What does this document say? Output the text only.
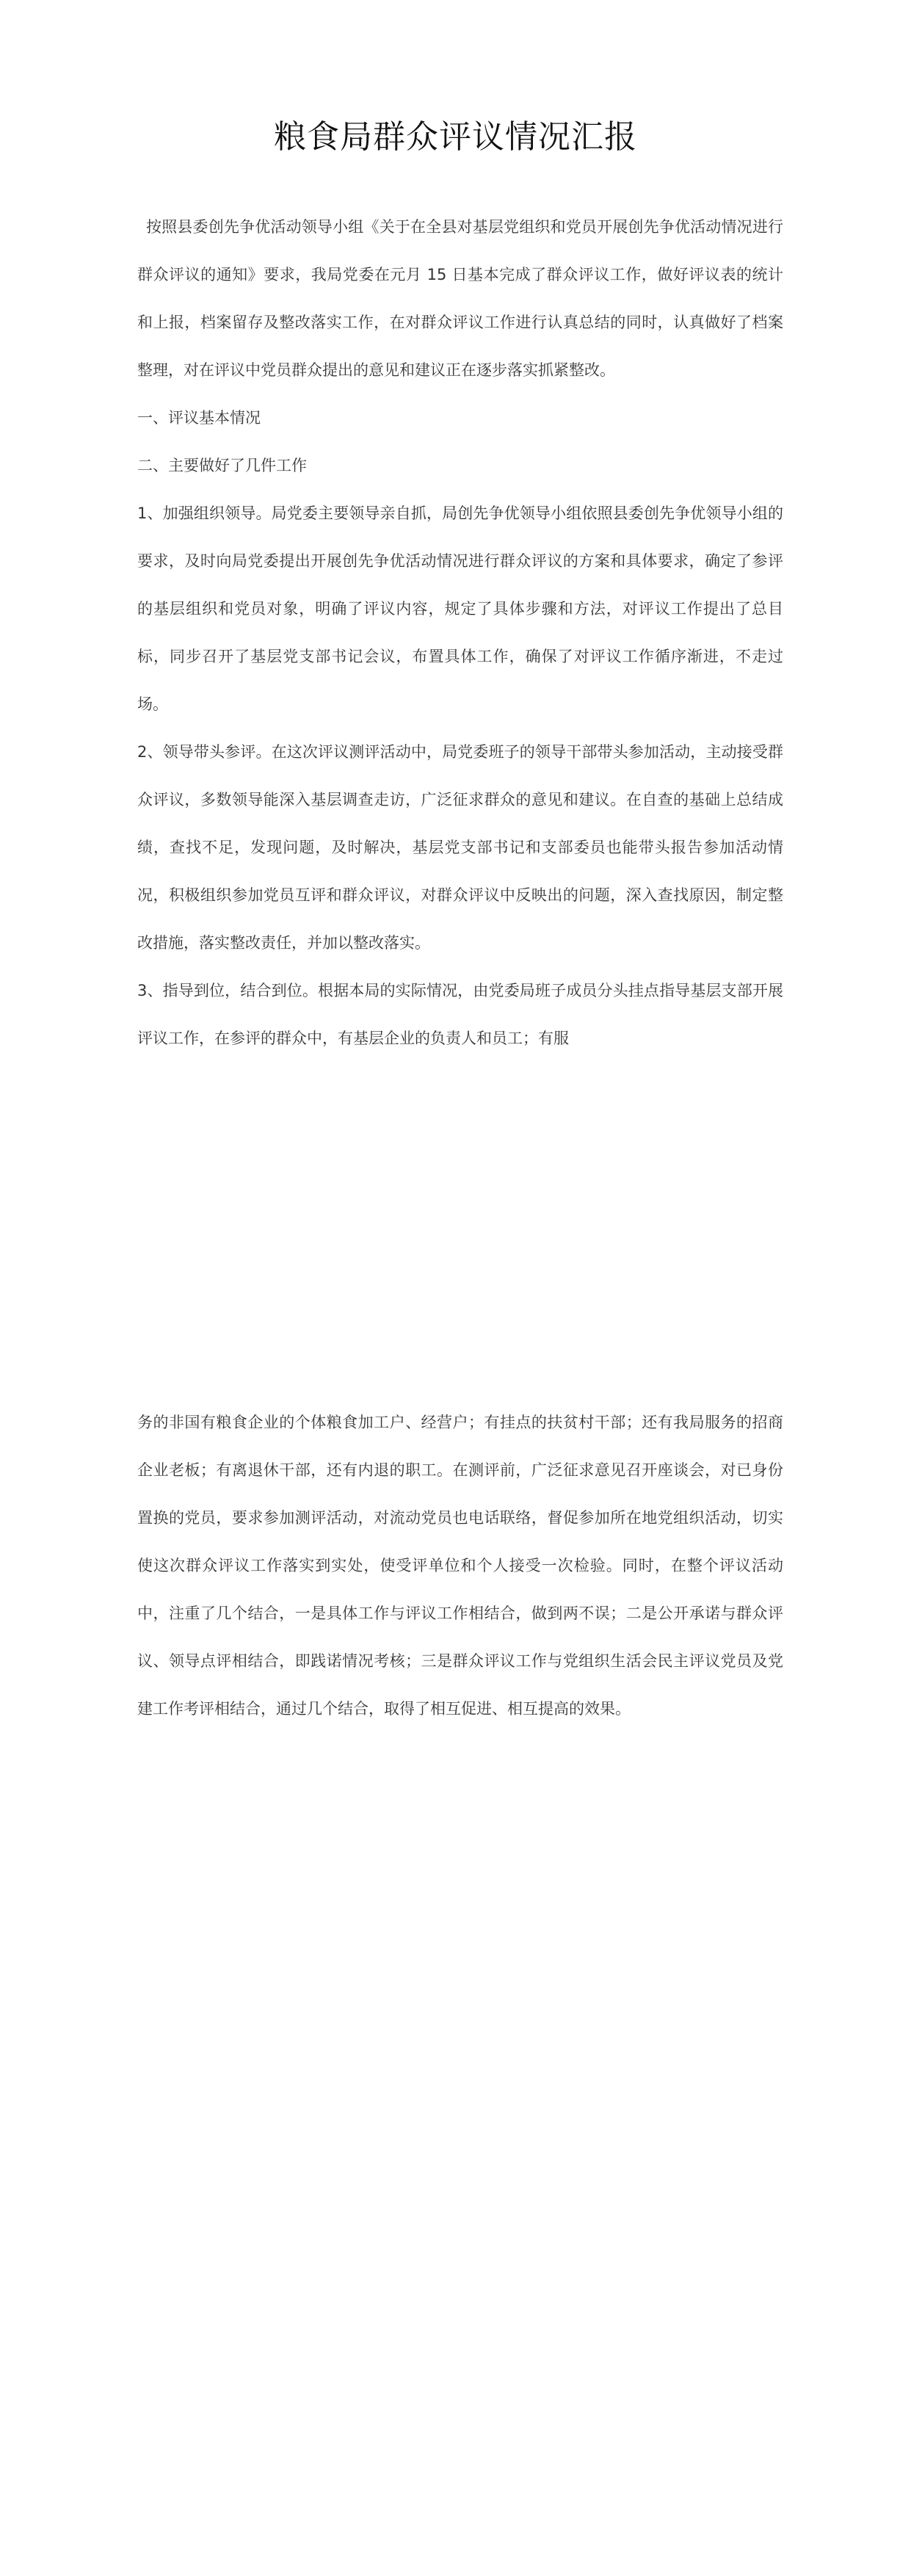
粮食局群众评议情况汇报

按照县委创先争优活动领导小组《关于在全县对基层党组织和党员开展创先争优活动情况进行群众评议的通知》要求，我局党委在元月 15 日基本完成了群众评议工作，做好评议表的统计和上报，档案留存及整改落实工作，在对群众评议工作进行认真总结的同时，认真做好了档案整理，对在评议中党员群众提出的意见和建议正在逐步落实抓紧整改。

一、评议基本情况

二、主要做好了几件工作

1、加强组织领导。局党委主要领导亲自抓，局创先争优领导小组依照县委创先争优领导小组的要求，及时向局党委提出开展创先争优活动情况进行群众评议的方案和具体要求，确定了参评的基层组织和党员对象，明确了评议内容，规定了具体步骤和方法，对评议工作提出了总目标，同步召开了基层党支部书记会议，布置具体工作，确保了对评议工作循序渐进，不走过场。

2、领导带头参评。在这次评议测评活动中，局党委班子的领导干部带头参加活动，主动接受群众评议，多数领导能深入基层调查走访，广泛征求群众的意见和建议。在自查的基础上总结成绩，查找不足，发现问题，及时解决，基层党支部书记和支部委员也能带头报告参加活动情况，积极组织参加党员互评和群众评议，对群众评议中反映出的问题，深入查找原因，制定整改措施，落实整改责任，并加以整改落实。

3、指导到位，结合到位。根据本局的实际情况，由党委局班子成员分头挂点指导基层支部开展评议工作，在参评的群众中，有基层企业的负责人和员工；有服

务的非国有粮食企业的个体粮食加工户、经营户；有挂点的扶贫村干部；还有我局服务的招商企业老板；有离退休干部，还有内退的职工。在测评前，广泛征求意见召开座谈会，对已身份置换的党员，要求参加测评活动，对流动党员也电话联络，督促参加所在地党组织活动，切实使这次群众评议工作落实到实处，使受评单位和个人接受一次检验。同时，在整个评议活动中，注重了几个结合，一是具体工作与评议工作相结合，做到两不误；二是公开承诺与群众评议、领导点评相结合，即践诺情况考核；三是群众评议工作与党组织生活会民主评议党员及党建工作考评相结合，通过几个结合，取得了相互促进、相互提高的效果。
